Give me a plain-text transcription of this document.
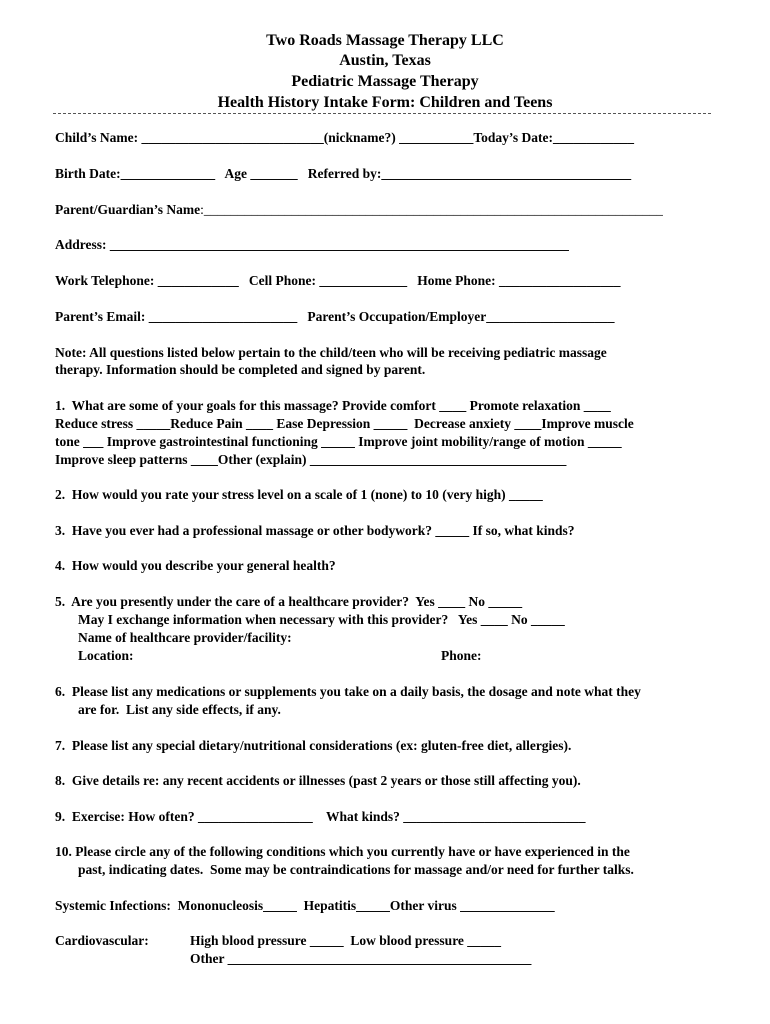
Two Roads Massage Therapy LLC
Austin, Texas
Pediatric Massage Therapy
Health History Intake Form: Children and Teens
Child’s Name: ___________________________(nickname?) ___________Today’s Date:____________
Birth Date:______________   Age _______   Referred by:_____________________________________
Parent/Guardian’s Name:____________________________________________________________________
Address: ____________________________________________________________________
Work Telephone: ____________   Cell Phone: _____________   Home Phone: __________________
Parent’s Email: ______________________   Parent’s Occupation/Employer___________________
Note: All questions listed below pertain to the child/teen who will be receiving pediatric massage
therapy. Information should be completed and signed by parent.
1.  What are some of your goals for this massage? Provide comfort ____ Promote relaxation ____
Reduce stress _____Reduce Pain ____ Ease Depression _____  Decrease anxiety ____Improve muscle
tone ___ Improve gastrointestinal functioning _____ Improve joint mobility/range of motion _____
Improve sleep patterns ____Other (explain) ______________________________________
2.  How would you rate your stress level on a scale of 1 (none) to 10 (very high) _____
3.  Have you ever had a professional massage or other bodywork? _____ If so, what kinds?
4.  How would you describe your general health?
5.  Are you presently under the care of a healthcare provider?  Yes ____ No _____
May I exchange information when necessary with this provider?   Yes ____ No _____
Name of healthcare provider/facility:
Location:	Phone:
6.  Please list any medications or supplements you take on a daily basis, the dosage and note what they
are for.  List any side effects, if any.
7.  Please list any special dietary/nutritional considerations (ex: gluten-free diet, allergies).
8.  Give details re: any recent accidents or illnesses (past 2 years or those still affecting you).
9.  Exercise: How often? _________________    What kinds? ___________________________
10. Please circle any of the following conditions which you currently have or have experienced in the
past, indicating dates.  Some may be contraindications for massage and/or need for further talks.
Systemic Infections:  Mononucleosis_____  Hepatitis_____Other virus ______________
Cardiovascular:	High blood pressure _____  Low blood pressure _____
Other _____________________________________________
